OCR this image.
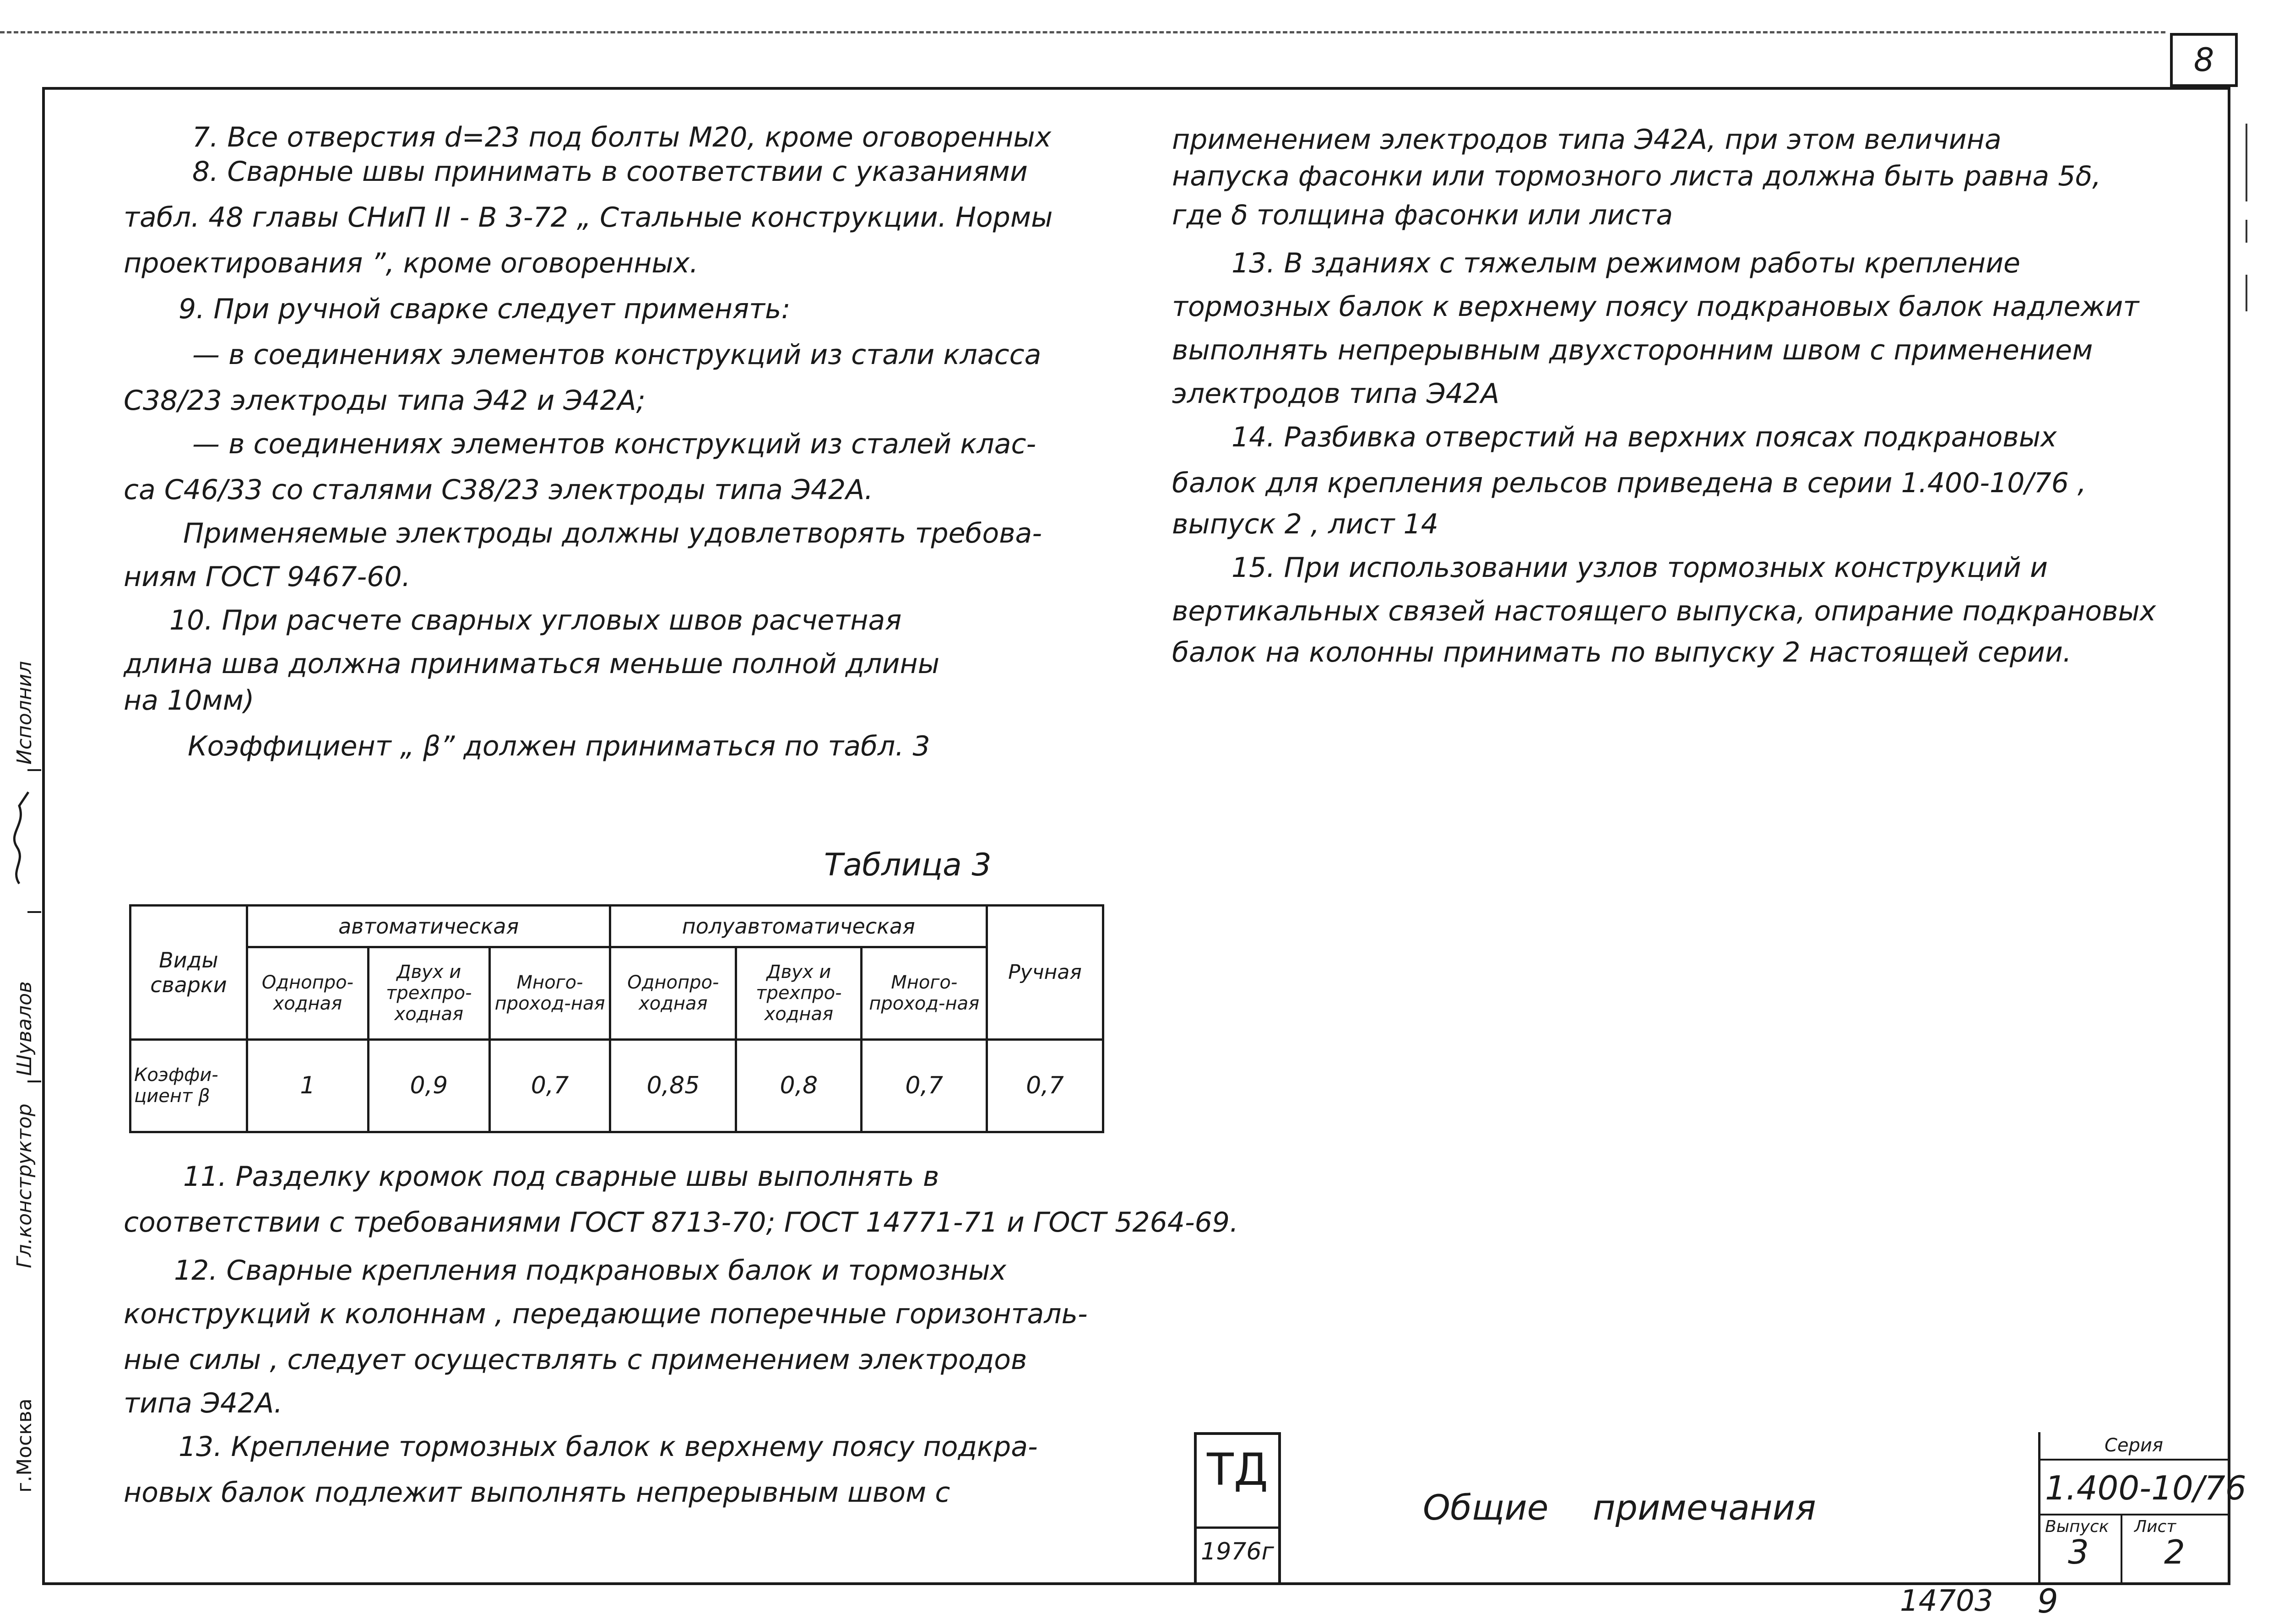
8
7. Все отверстия d=23 под болты М20, кроме оговоренных
8. Сварные швы принимать в соответствии с указаниями
табл. 48 главы СНиП II - В 3-72 „ Стальные конструкции. Нормы
проектирования ”, кроме оговоренных.
9. При ручной сварке следует применять:
— в соединениях элементов конструкций из стали класса
С38/23 электроды типа Э42 и Э42А;
— в соединениях элементов конструкций из сталей клас-
са С46/33 со сталями С38/23 электроды типа Э42А.
Применяемые электроды должны удовлетворять требова-
ниям ГОСТ 9467-60.
10. При расчете сварных угловых швов расчетная
длина шва должна приниматься меньше полной длины
на 10мм)
Коэффициент „ β” должен приниматься по табл. 3
применением электродов типа Э42А, при этом величина
напуска фасонки или тормозного листа должна быть равна 5δ,
где δ толщина фасонки или листа
13. В зданиях с тяжелым режимом работы крепление
тормозных балок к верхнему поясу подкрановых балок надлежит
выполнять непрерывным двухсторонним швом с применением
электродов типа Э42А
14. Разбивка отверстий на верхних поясах подкрановых
балок для крепления рельсов приведена в серии 1.400-10/76 ,
выпуск 2 , лист 14
15. При использовании узлов тормозных конструкций и
вертикальных связей настоящего выпуска, опирание подкрановых
балок на колонны принимать по выпуску 2 настоящей серии.
Таблица 3
Виды сварки	автоматическая			полуавтоматическая			Ручная
	Однопро-ходная	Двух и трехпро-ходная	Много-проход-ная	Однопро-ходная	Двух и трехпро-ходная	Много-проход-ная	
Коэффи-циент β	1	0,9	0,7	0,85	0,8	0,7	0,7
11. Разделку кромок под сварные швы выполнять в
соответствии с требованиями ГОСТ 8713-70; ГОСТ 14771-71 и ГОСТ 5264-69.
12. Сварные крепления подкрановых балок и тормозных
конструкций к колоннам , передающие поперечные горизонталь-
ные силы , следует осуществлять с применением электродов
типа Э42А.
13. Крепление тормозных балок к верхнему поясу подкра-
новых балок подлежит выполнять непрерывным швом с
Исполнил
Шувалов
Гл.конструктор
г.Москва	ТД
1976г
Общие    примечания
Серия
1.400-10/76
Выпуск
3
Лист
2
14703 9
